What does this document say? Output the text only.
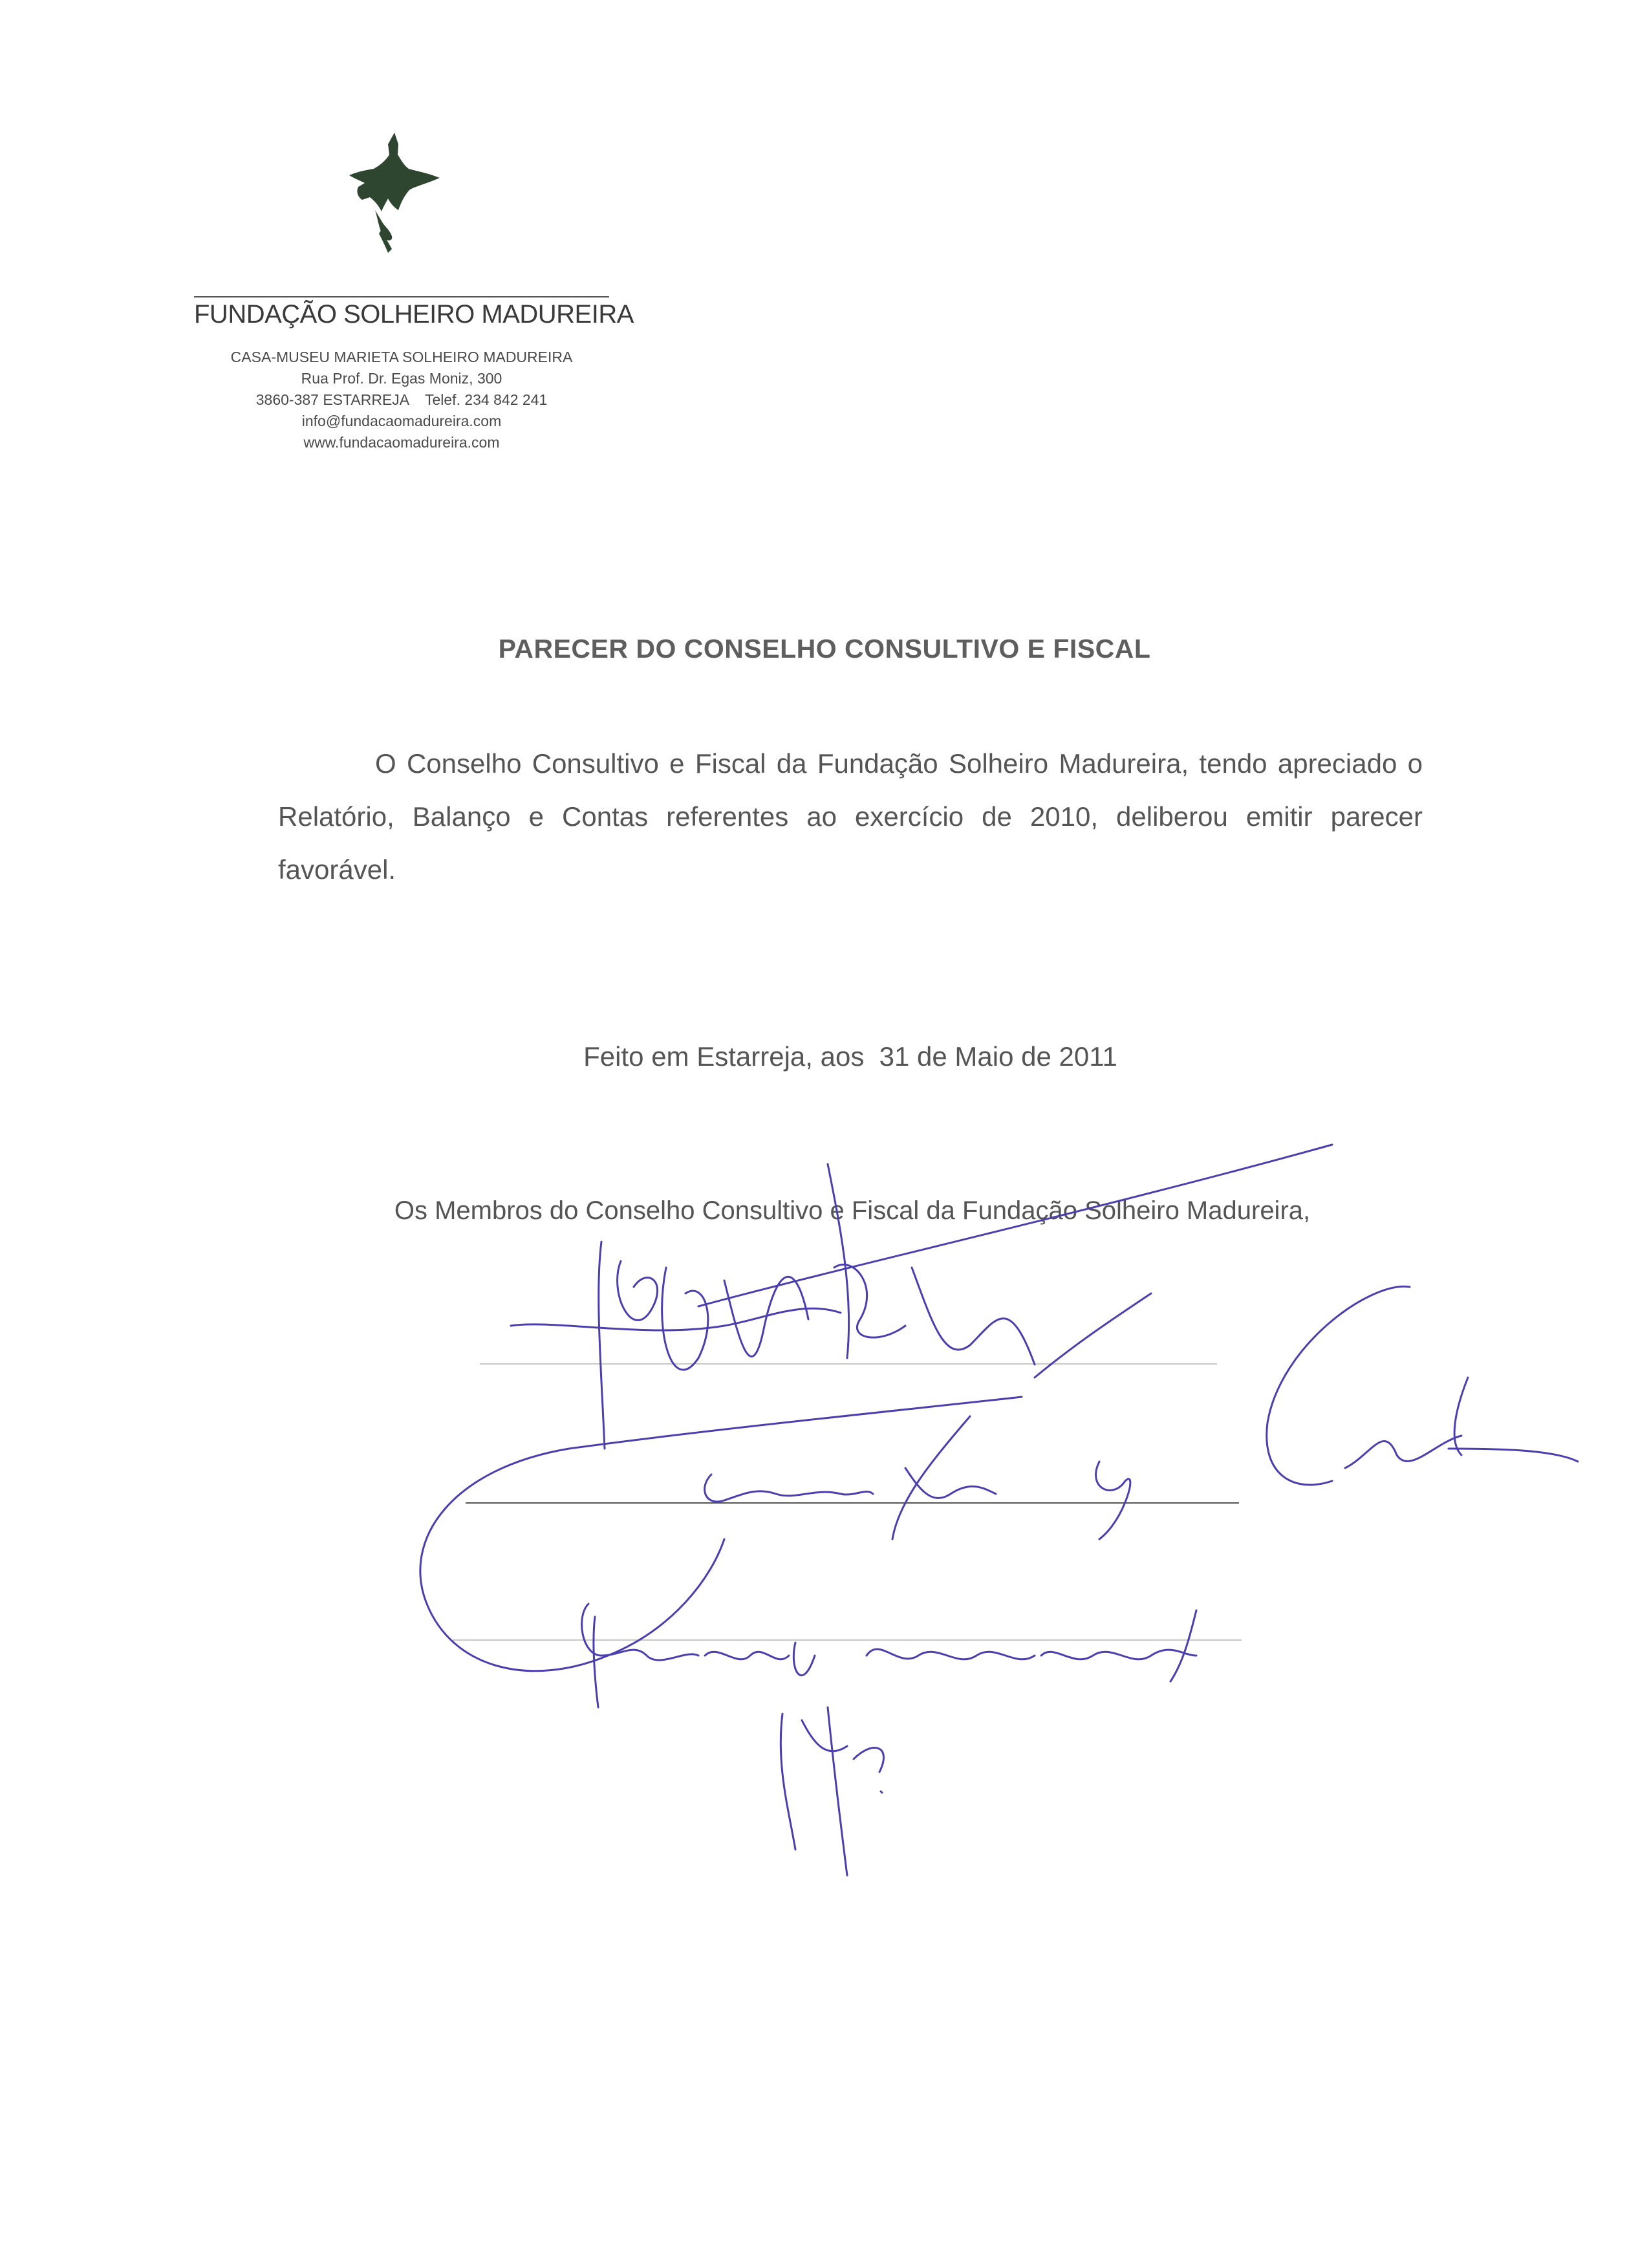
FUNDAÇÃO SOLHEIRO MADUREIRA
CASA-MUSEU MARIETA SOLHEIRO MADUREIRA
Rua Prof. Dr. Egas Moniz, 300
3860-387 ESTARREJA    Telef. 234 842 241
info@fundacaomadureira.com
www.fundacaomadureira.com
PARECER DO CONSELHO CONSULTIVO E FISCAL
O Conselho Consultivo e Fiscal da Fundação Solheiro Madureira, tendo apreciado o Relatório, Balanço e Contas referentes ao exercício de 2010, deliberou emitir parecer favorável.
Feito em Estarreja, aos  31 de Maio de 2011
Os Membros do Conselho Consultivo e Fiscal da Fundação Solheiro Madureira,
